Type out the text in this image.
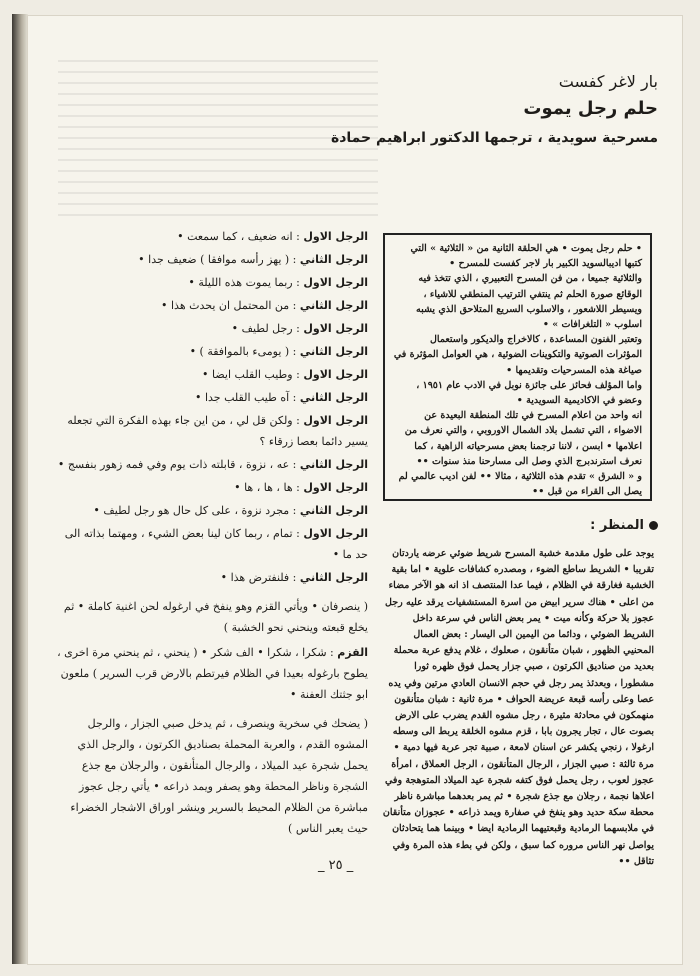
بار لاغر كفست
حلم رجل يموت
مسرحية سويدية ، ترجمها الدكتور ابراهيم حمادة

• حلم رجل يموت • هي الحلقة الثانية من « الثلاثية » التي كتبها اديبالسويد الكبير بار لاجر كفست للمسرح •

والثلاثية جميعا ، من فن المسرح التعبيري ، الذي تتخذ فيه الوقائع صورة الحلم ثم ينتفي الترتيب المنطقي للاشياء ، ويسيطر اللاشعور ، والاسلوب السريع المتلاحق الذي يشبه اسلوب « التلغرافات » •

وتعتبر الفنون المساعدة ، كالاخراج والديكور واستعمال المؤثرات الصوتية والتكوينات الضوئية ، هي العوامل المؤثرة في صياغة هذه المسرحيات وتقديمها •

واما المؤلف فحائز على جائزة نوبل في الادب عام ١٩٥١ ، وعضو في الاكاديمية السويدية •

انه واحد من اعلام المسرح في تلك المنطقة البعيدة عن الاضواء ، التي تشمل بلاد الشمال الاوروبي ، والتي نعرف من اعلامها • ابسن ، لاننا ترجمنا بعض مسرحياته الزاهية ، كما نعرف استرندبرج الذي وصل الى مسارحنا منذ سنوات ••

و « الشرق » تقدم هذه الثلاثية ، مثالا •• لفن اديب عالمي لم يصل الى القراء من قبل ••

الرجل الاول : انه ضعيف ، كما سمعت •
الرجل الثاني : ( يهز رأسه موافقا ) ضعيف جدا •
الرجل الاول : ربما يموت هذه الليلة •
الرجل الثاني : من المحتمل ان يحدث هذا •
الرجل الاول : رجل لطيف •
الرجل الثاني : ( يومىء بالموافقة ) •
الرجل الاول : وطيب القلب ايضا •
الرجل الثاني : آه طيب القلب جدا •
الرجل الاول : ولكن قل لي ، من اين جاء بهذه الفكرة التي تجعله يسير دائما بعصا زرقاء ؟
الرجل الثاني : عه ، نزوة ، قابلته ذات يوم وفي فمه زهور بنفسج •
الرجل الاول : ها ، ها ، ها •
الرجل الثاني : مجرد نزوة ، على كل حال هو رجل لطيف •
الرجل الاول : تمام ، ربما كان لينا بعض الشيء ، ومهتما بذاته الى حد ما •
الرجل الثاني : فلنفترض هذا •
( ينصرفان • ويأتي القزم وهو ينفخ في ارغوله لحن اغنية كاملة • ثم يخلع قبعته وينحني نحو الخشبة )
القزم : شكرا ، شكرا • الف شكر • ( ينحني ، ثم ينحني مرة اخرى ، يطوح بارغوله بعيدا في الظلام فيرتطم بالارض قرب السرير ) ملعون ابو جثتك العفنة •
( يضحك في سخرية وينصرف ، ثم يدخل صبي الجزار ، والرجل المشوه القدم ، والعربة المحملة بصناديق الكرتون ، والرجل الذي يحمل شجرة عيد الميلاد ، والرجال المتأنقون ، والرجلان مع جذع الشجرة وناظر المحطة وهو يصفر ويمد ذراعه • يأتي رجل عجوز مباشرة من الظلام المحيط بالسرير وينشر اوراق الاشجار الخضراء حيث يعبر الناس )
المنظر :
يوجد على طول مقدمة خشبة المسرح شريط ضوئي عرضه ياردتان تقريبا • الشريط ساطع الضوء ، ومصدره كشافات علوية • اما بقية الخشبة فغارقة في الظلام ، فيما عدا المنتصف اذ انه هو الآخر مضاء من اعلى • هناك سرير ابيض من اسرة المستشفيات يرقد عليه رجل عجوز بلا حركة وكأنه ميت • يمر بعض الناس في سرعة داخل الشريط الضوئي ، ودائما من اليمين الى اليسار : بعض العمال المحنيي الظهور ، شبان متأنقون ، صعلوك ، غلام يدفع عربة محملة بعديد من صناديق الكرتون ، صبي جزار يحمل فوق ظهره ثورا مشطورا ، وبعدئذ يمر رجل في حجم الانسان العادي مرتين وفي يده عصا وعلى رأسه قبعة عريضة الحواف • مرة ثانية : شبان متأنقون منهمكون في محادثة مثيرة ، رجل مشوه القدم يضرب على الارض بصوت عال ، تجار يجرون بابا ، قزم مشوه الخلقة يربط الى وسطه ارغولا ، زنجي يكشر عن اسنان لامعة ، صبية تجر عربة فيها دمية • مرة ثالثة : صبي الجزار ، الرجال المتأنقون ، الرجل العملاق ، امرأة عجوز لعوب ، رجل يحمل فوق كتفه شجرة عيد الميلاد المتوهجة وفي اعلاها نجمة ، رجلان مع جذع شجرة • ثم يمر بعدهما مباشرة ناظر محطة سكة حديد وهو ينفخ في صفارة ويمد ذراعه • عجوزان متأنقان في ملابسهما الرمادية وقبعتيهما الرمادية ايضا • وبينما هما يتحادثان يواصل نهر الناس مروره كما سبق ، ولكن في بطء هذه المرة وفي تثاقل ••
_ ٢٥ _
